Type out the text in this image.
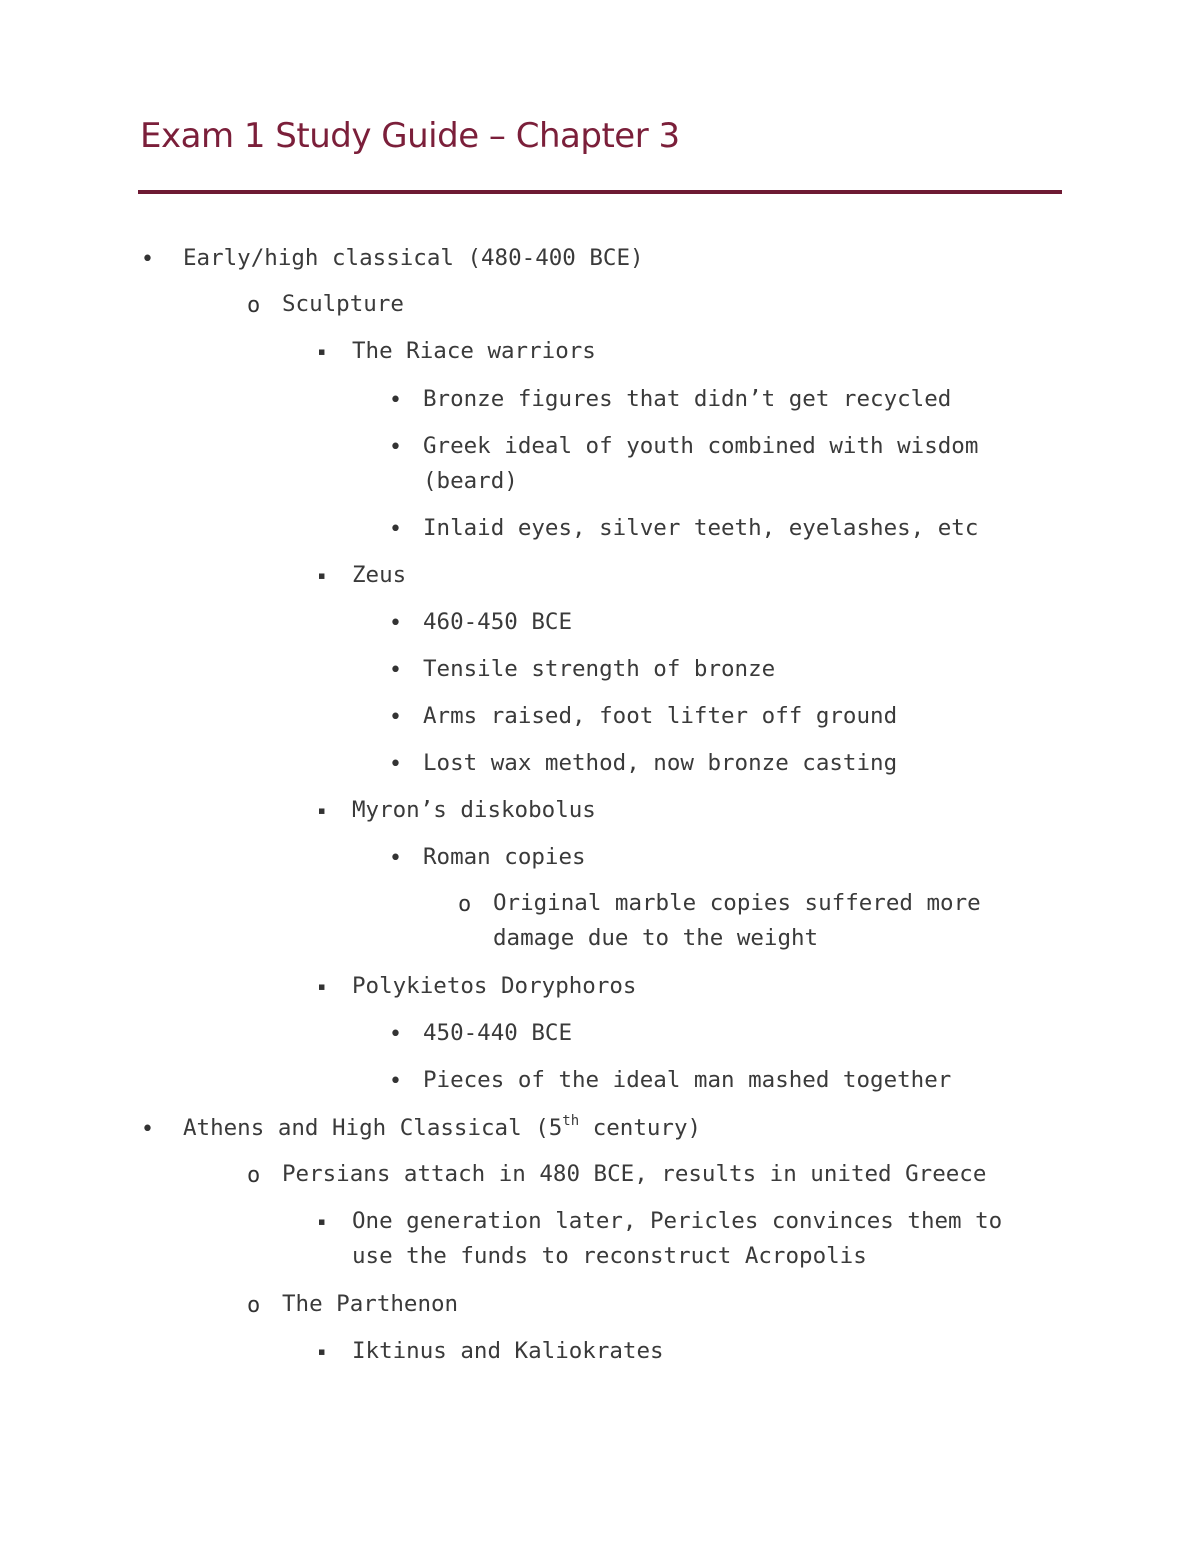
Exam 1 Study Guide – Chapter 3
• Early/high classical (480-400 BCE)
o Sculpture
▪ The Riace warriors
• Bronze figures that didn’t get recycled
• Greek ideal of youth combined with wisdom
(beard)
• Inlaid eyes, silver teeth, eyelashes, etc
▪ Zeus
• 460-450 BCE
• Tensile strength of bronze
• Arms raised, foot lifter off ground
• Lost wax method, now bronze casting
▪ Myron’s diskobolus
• Roman copies
o Original marble copies suffered more
damage due to the weight
▪ Polykietos Doryphoros
• 450-440 BCE
• Pieces of the ideal man mashed together
• Athens and High Classical (5th century)
o Persians attach in 480 BCE, results in united Greece
▪ One generation later, Pericles convinces them to
use the funds to reconstruct Acropolis
o The Parthenon
▪ Iktinus and Kaliokrates
